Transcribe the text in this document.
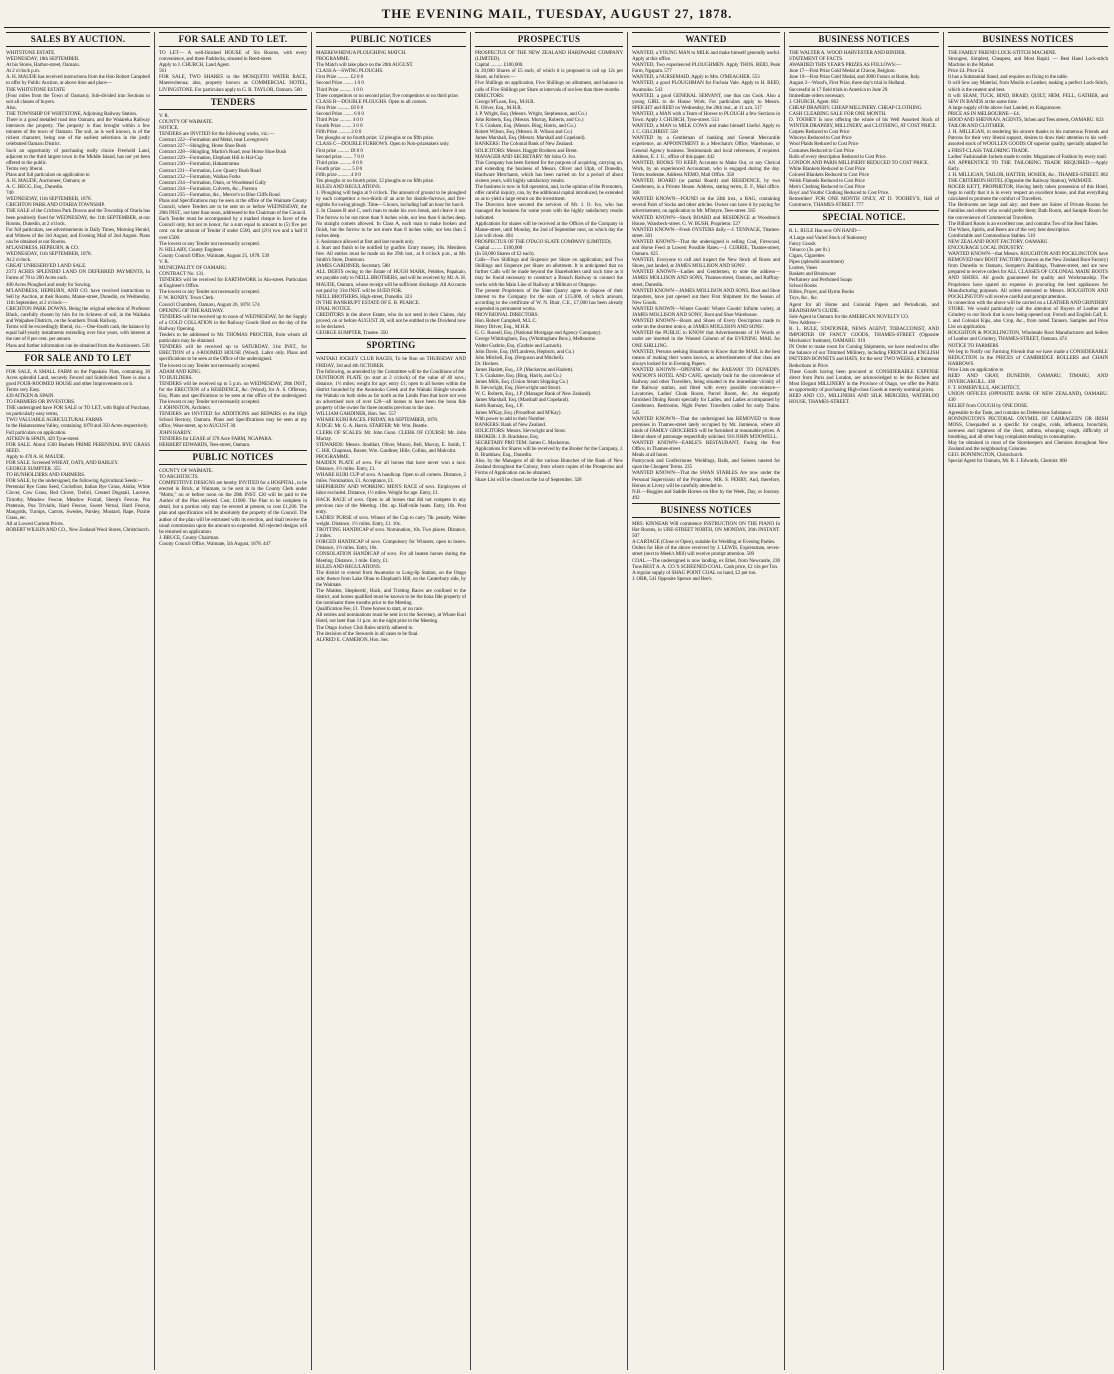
THE EVENING MAIL, TUESDAY, AUGUST 27, 1878.
SALES BY AUCTION.
WHITSTONE ESTATE.
WEDNESDAY, 18th SEPTEMBER.
At his Stores, Harbor-street, Oamaru.
At 2 o'clock p.m.
A. H. MAUDE has received instructions from the Hon Robert Campbell to offer by Public Auction, at above time and place—
THE WHITSTONE ESTATE
(Four miles from the Town of Oamaru), Sub-divided into Sections to suit all classes of buyers.
Also,
THE TOWNSHIP OF WHITSTONE, Adjoining Railway Station.
There is a good metalled road into Oamaru, and the Waiareka Railway intersects the property. The property is thus brought within a few minutes of the town of Oamaru. The soil, as is well known, is of the richest character, being one of the earliest selections in the justly celebrated Oamaru District.
Such an opportunity of purchasing really choice Freehold Land, adjacent to the third largest town in the Middle Island, has not yet been offered to the public.
Terms very liberal.
Plans and full particulars on application to
A. H. MAUDE, Auctioneer, Oamaru; or
A. C. BEGG, Esq., Dunedin.
740
WEDNESDAY, 11th SEPTEMBER, 1878.
CRICHTON PARK AND OTARIA TOWNSHIP.
THE SALE of the Crichton Park Downs and the Township of Otaria has been positively fixed for WEDNESDAY, the 11th SEPTEMBER, at our Rooms, Dunedin, at 2 o'clock.
For full particulars, see advertisements in Daily Times, Morning Herald, and Witness of the 3rd August, and Evening Mail of 2nd August. Plans can be obtained at our Rooms.
M'LANDRESS, HEPBURN, & CO.
WEDNESDAY, 11th SEPTEMBER, 1878.
At 2 o'clock.
GREAT UNRESERVED LAND SALE.
2373 ACRES SPLENDID LAND ON DEFERRED PAYMENTS, In Farms of 70 to 200 Acres each.
400 Acres Ploughed and ready for Sowing.
M'LANDRESS, HEPBURN, AND CO. have received instructions to Sell by Auction, at their Rooms, Manse-street, Dunedin, on Wednesday, 11th September, at 2 o'clock—
CRICHTON PARK DOWNS, Being the original selection of Professor Black, carefully chosen by him for its richness of soil, in the Waikaka and Waipahee Districts, on the Southern Trunk Railway.
Terms will be exceedingly liberal, viz.—One-fourth cash, the balance by equal half-yearly instalments extending over four years, with interest at the rate of 8 per cent. per annum.
Plans and further information can be obtained from the Auctioneers. 530
FOR SALE AND TO LET
FOR SALE, A SMALL FARM on the Papakaio Flats, containing 30 Acres splendid Land, securely Fenced and Subdivided. There is also a good FOUR-ROOMED HOUSE and other Improvements on it.
Terms very Easy.
439 AITKEN & SPAIN.
TO FARMERS OR INVESTORS.
THE undersigned have FOR SALE or TO LET, with Right of Purchase, on particularly easy terms,
TWO VALUABLE AGRICULTURAL FARMS
In the Hakateramea Valley, containing 1878 and 350 Acres respectively.
Full particulars on application.
AITKEN & SPAIN, 429 Tyne-street.
FOR SALE. About 1500 Bushels PRIME PERENNIAL RYE GRASS SEED.
Apply to 470 A. H. MAUDE.
FOR SALE. Screened WHEAT, OATS, AND BARLEY.
GEORGE SUMPTER. 355
TO RUNHOLDERS AND FARMERS.
FOR SALE, by the undersigned, the following Agricultural Seeds:—
Perennial Rye Grass Seed, Cocksfoot, Italian Rye Grass, Alsike, White Clover, Cow Grass, Red Clover, Trefoil, Crested Dogstail, Lucerne, Timothy, Meadow Fescue, Meadow Foxtail, Sheep's Fescue, Poa Pratensis, Poa Trivialis, Hard Fescue, Sweet Vernal, Hard Fescue, Mangolds, Turnips, Carrots, Swedes, Parsley, Mustard, Rape, Prairie Grass, etc.
All at Lowest Current Prices.
ROBERT WILKIN AND CO., New Zealand Wool Stores, Christchurch.
FOR SALE AND TO LET.
TO LET— A well-finished HOUSE of Six Rooms, with every convenience, and three Paddocks, situated in Reed-street.
Apply to J. CHURCH, Land Agent.
561
FOR SALE, TWO SHARES in the MOSQUITO WATER RACE, Maerewhenua; also, property known as COMMERCIAL HOTEL, LIVINGSTONE. For particulars apply to G. R. TAYLOR, Oamaru. 560
TENDERS
V. R.
COUNTY OF WAIMATE.
NOTICE.
TENDERS are INVITED for the following works, viz.:—
Contract 222—Formation and Metal, near Lovegrove's
Contract 227—Shingling, Horse Shoe Bush
Contract 228—Shingling, Martin's Road, near Horse Shoe Bush
Contract 229—Formation, Elephant Hill to Hal-Cup
Contract 230—Formation, Hakateramea
Contract 231—Formation, Low Quarry Bush Road
Contract 232—Formation, Waihao Forks
Contract 234—Formation, Otaio, or Woodstead Gully
Contract 234—Formation, Culverts, &c., Pareora
Contract 235—Formation, &c., Mercer's to Blue Cliffs Road.
Plans and Specifications may be seen at the office of the Waimate County Council, where Tenders are to be sent on or before WEDNESDAY, the 28th INST., not later than noon, addressed to the Chairman of the Council.
Each Tender must be accompanied by a marked cheque in favor of the Council only, but not to honor, for a sum equal to amount to (5) five per cent. on the amount of Tender if under £500, and (2½) two and a half if over £500.
The lowest or any Tender not necessarily accepted.
N. HILLARY, County Engineer.
County Council Office, Waimate, August 25, 1878. 539
V. R.
MUNICIPALITY OF OAMARU.
CONTRACT No. 131.
TENDERS will be received for EARTHWORK in Aln-street. Particulars at Engineer's Office.
The lowest or any Tender not necessarily accepted.
F. W. ROXBY, Town Clerk.
Council Chambers, Oamaru, August 26, 1878. 574
OPENING OF THE RAILWAY.
TENDERS will be received up to noon of WEDNESDAY, for the Supply of a COLD COLLATION in the Railway Goods Shed on the day of the Railway Opening.
Tenders to be addressed to Mr. THOMAS PROCTER, from whom all particulars may be obtained.
TENDERS will be received up to SATURDAY, 31st INST., for ERECTION of a 4-ROOMED HOUSE (Wood). Labor only. Plans and specifications to be seen at the Office of the undersigned.
The lowest or any Tender not necessarily accepted.
ADAM AND KING.
TO BUILDERS.
TENDERS will be received up to 5 p.m. on WEDNESDAY, 28th INST., for the ERECTION of a RESIDENCE, &c. (Wood), for A. S. Offerson, Esq. Plans and specifications to be seen at the office of the undersigned. The lowest or any Tender not necessarily accepted.
J. JOHNSTON, Architect.
TENDERS are INVITED for ADDITIONS and REPAIRS to the High School Rectory, Oamaru. Plans and Specifications may be seen at my office, Wear-street, up to AUGUST 30.
JOHN HARDY.
TENDERS for LEASE of 378 Acre FARM, NGAPARA.
HERBERT EDWARDS, Tees-street, Oamaru.
PUBLIC NOTICES
COUNTY OF WAIMATE.
TO ARCHITECTS.
COMPETITIVE DESIGNS are hereby INVITED for a HOSPITAL, to be erected in Brick, at Waimate, to be sent in to the County Clerk under "Motto," on or before noon on the 28th INST. £20 will be paid to the Author of the Plan selected. Cost, £1000. The Plan to be complete in detail, but a portion only may be erected at present, to cost £1,200. The plan and specification will be absolutely the property of the Council. The author of the plan will be entrusted with its erection, and shall receive the usual commission upon the amount so expended. All rejected designs will be returned on application.
J. BRUCE, County Chairman.
County Council Office, Waimate, 5th August, 1878. 447
PUBLIC NOTICES
MAEREWHENUA PLOUGHING MATCH.
PROGRAMME.
The Match will take place on the 20th AUGUST.
CLASS A—SWING PLOUGHS.
First Prize .......... £2 0 0
Second Prize ........ 1 0 0
Third Prize .......... 1 0 0
Three competitors or no second prize; five competitors or no third prize.
CLASS B—DOUBLE PLOUGHS. Open to all comers.
First Prize .......... £8 0 0
Second Prize ........ 6 0 0
Third Prize .......... 4 0 0
Fourth Prize ........ 3 0 0
Fifth Prize .......... 2 0 0
Ten ploughs or no fourth prize; 12 ploughs or no fifth prize.
CLASS C—DOUBLE FURROWS. Open to Non-prizetakers only.
First prize .......... £8 0 0
Second prize ........ 7 0 0
Third prize .......... 6 0 0
Fourth prize ........ 5 0 0
Fifth prize .......... 4 0 0
Ten ploughs or no fourth prize; 12 ploughs or no fifth prize.
RULES AND REGULATIONS.
1. Ploughing will begin at 9 o'clock. The amount of ground to be ploughed by each competitor a two-thirds of an acre for double-furrows, and five-eighths for swing plough. Time—5 hours, including half an hour for lunch.
2. In Classes B and C, each man to make his own break, and cleave it out. The furrow to be not more than 9 inches wide, nor less than 6 inches deep. No straight comers allowed. In Class A, each man to make broken and finish, but the furrow to be not more than 8 inches wide, nor less than 5 inches deep.
3. Assistance allowed at first and last rounds only.
4. Start and finish to be notified by gunfire. Entry money, 10s. Members free. All entries must be made on the 29th inst., at 8 o'clock p.m., at Mr. Smith's Store, Duntroon.
JAMES GARDINER, Secretary. 588
ALL DEBTS owing to the Estate of HUGH MARK, Pebbles, Papakaio, are payable only to NEILL BROTHERS, and will be received by Mr. A. H. MAUDE, Oamaru, whose receipt will be sufficient discharge. All Accounts not paid by 31st INST. will be SUED FOR.
NEILL BROTHERS, High-street, Dunedin. 323
IN THE BANKRUPT ESTATE OF E. B. PEARCE.
FINAL NOTICE.
CREDITORS in the above Estate, who do not send in their Claims, duly proved, on or before AUGUST 28, will not be entitled to the Dividend now to be declared.
GEORGE SUMPTER, Trustee. 350
SPORTING
WAITAKI JOCKEY CLUB RACES, To be Run on THURSDAY AND FRIDAY, 3rd and 4th OCTOBER.
The following, as amended by the Committee will be the Conditions of the
DUNTROON PLATE (to start at 2 o'clock) of the value of 40 sovs.; distance, 1½ miles; weight for age; entry £1; open to all horses within the district bounded by the Awamoko Creek and the Waitaki Shingle towards the Waitaki on both sides as far north as the Lindis Pass that have not won an advertised race of over £20—all horses to have been the bona fide property of the owner for three months previous to the race.
WILLIAM GARDINER, Hon. Sec. 557
WHARE KURI RACES. FRIDAY, 6th SEPTEMBER, 1878.
JUDGE: Mr. G. A. Harris. STARTER: Mr. Wm. Beattie.
CLERK OF SCALES: Mr. John Gunn. CLERK OF COURSE: Mr. John Murray.
STEWARDS: Messrs. Stoddart, Oliver, Munro, Bell, Murray, E. Smith, T. C. Hill, Chapman, Baxter, Wm. Gardiner, Hille, Collins, and Malcolm.
PROGRAMME.
MAIDEN PLATE of sovs. For all horses that have never won a race. Distance, 1½ miles. Entry, £1.
WHARE KURI CUP of sovs. A handicap. Open to all comers. Distance, 2 miles. Nomination, £1. Acceptance, £1.
SHEPHERDS' AND WORKING MEN'S RACE of sovs. Employees of labor excluded. Distance, 1½ miles. Weight for age. Entry, £1.
HACK RACE of sovs. Open to all horses that did not compete in any previous race of the Meeting. 10st. up. Half-mile heats. Entry, 10s. Post entry.
LADIES' PURSE of sovs. Winner of the Cup to carry 7lb. penalty. Welter weight. Distance, 1½ miles. Entry, £1. 10s.
TROTTING HANDICAP of sovs. Nomination, 10s. Two places. Distance, 2 miles.
FORCED HANDICAP of sovs. Compulsory for Winners; open to losers. Distance, 1½ miles. Entry, 10s.
CONSOLATION HANDICAP of sovs. For all beaten horses during the Meeting. Distance, 1 mile. Entry, £1.
RULES AND REGULATIONS.
The district to extend from Awamoko to Long-lip Station, on the Otago side; thence from Lake Ohau to Elephant's Hill, on the Canterbury side, by the Waimate.
The Maiden, Shepherds', Hack, and Trotting Races are confined to the district, and horses qualified must be known to be the bona fide property of the nominator three months prior to the Meeting.
Qualification Fee, £1. Three horses to start, or no race.
All entries and nominations must be sent in to the Secretary, at Whare Kuri Hotel, not later than 11 p.m. on the night prior to the Meeting.
The Otago Jockey Club Rules strictly adhered to.
The decision of the Stewards in all cases to be final.
ALFRED E. CAMERON, Hon. Sec.
PROSPECTUS
PROSPECTUS OF THE NEW ZEALAND HARDWARE COMPANY (LIMITED).
Capital .......... £100,000.
In 20,000 Shares of £5 each, of which it is proposed to call up 12s per Share, as follows:—
Five Shillings on application, Five Shillings on allotment, and balance in calls of Five Shillings per Share at intervals of not less than three months.
DIRECTORS:
George M'Lean, Esq., M.H.R.
R. Oliver, Esq., M.H.R.
J. P. Wright, Esq. (Messrs. Wright, Stephenson, and Co.)
John Roberts, Esq. (Messrs. Murray, Roberts, and Co.)
T. S. Graham, Esq. (Messrs. Bing, Harris, and Co.)
Robert Wilson, Esq. (Messrs. R. Wilson and Co.)
James Marshall, Esq. (Messrs. Marshall and Copeland).
BANKERS: The Colonial Bank of New Zealand.
SOLICITORS: Messrs. Haggitt Brothers and Brent.
MANAGER AND SECRETARY: Mr John O. Ivo.
This Company has been formed for the purpose of acquiring, carrying on, and extending the business of Messrs. Oliver and Ulph, of Dunedin, Hardware Merchants, which has been carried on for a period of about sixteen years, with highly satisfactory results.
The business is now in full operation, and, in the opinion of the Promoters, offer careful inquiry, can, by the additional capital introduced, be extended so as to yield a large return on the investment.
The Directors have secured the services of Mr. J. O. Ivo, who has managed the business for some years with the highly satisfactory results indicated.
Applications for shares will be received at the Offices of the Company in Manse-street, until Monday, the 2nd of September next, on which day the List will close. 494
PROSPECTUS OF THE OTAGO SLATE COMPANY (LIMITED).
Capital .......... £100,000
(In 50,000 Shares of £2 each).
Calls—Two Shillings and Sixpence per Share on application; and Two Shillings and Sixpence per Share on allotment. It is anticipated that no further Calls will be made beyond the Shareholders until such time as it may be found necessary to construct a Branch Railway to connect the works with the Main Line of Railway at Milburn or Otapopo.
The present Proprietors of the Slate Quarry agree to dispose of their interest to the Company for the sum of £15,000, of which amount, according to the certificate of W. N. Blair, C.E., £7,000 has been already expended in permanent works.
PROVISIONAL DIRECTORS:
Hon. Robert Campbell, M.L.C.
Henry Driver, Esq., M.H.R.
G. G. Russell, Esq. (National Mortgage and Agency Company).
George Whittingham, Esq. (Whittingham Bros.), Melbourne.
Walter Guthrie, Esq. (Guthrie and Larnach).
John Davie, Esq. (M'Landress, Hepburn, and Co.)
John Mitchell, Esq. (Ferguson and Mitchell).
Dr. Hocken.
James Hazlett, Esq., J.P. (Mackerras and Hazlett).
T. S. Grahame, Esq. (Bing, Harris, and Co.)
James Mills, Esq. (Union Steam Shipping Co.)
B. Sievwright, Esq. (Sievwright and Stout).
W. C. Roberts, Esq., J.P. (Manager Bank of New Zealand).
James Marshall, Esq. (Marshall and Copeland).
Keith Ramsay, Esq., J.P.
James M'Kay, Esq. (Proudfoot and M'Kay).
With power to add to their Number.
BANKERS: Bank of New Zealand.
SOLICITORS: Messrs. Sievwright and Stout.
BROKER: J. B. Bradshaw, Esq.
SECRETARY PRO TEM: James C. Mackerras.
Applications for Shares will be received by the Broker for the Company, J. B. Bradshaw, Esq., Dunedin.
Also, by the Managers of all the various Branches of the Bank of New Zealand throughout the Colony, from whom copies of the Prospectus and Forms of Application can be obtained.
Share List will be closed on the 1st of September. 328
WANTED
WANTED, a YOUNG MAN to MILK and make himself generally useful. Apply at this office.
WANTED, Two experienced PLOUGHMEN. Apply THOS. REID, Peak Farm, Ngapara. 577
WANTED, a NURSEMAID. Apply to Mrs. O'MEAGHER. 553
WANTED, a good PLOUGHMAN for Fuchsia Vale. Apply to H. REID, Awamoko. 543
WANTED, a good GENERAL SERVANT, one that can Cook. Also a young GIRL to do House Work. For particulars apply to Messrs. SPEIGHT and REID on Wednesday, the 28th inst., at 11 a.m. 517
WANTED, a MAN with a Team of Horses to PLOUGH a few Sections in Town. Apply J. CHURCH, Tyne-street. 513
WANTED, a MAN to MILK COWS and make himself Useful. Apply to J. C. GILCHRIST. 558
WANTED by a Gentleman of banking and General Mercantile experience, an APPOINTMENT in a Merchant's Office, Warehouse, or General Agency business. Testimonials and local references, if required. Address, E. J. U., office of this paper. 442
WANTED, BOOKS TO KEEP, Accounts to Make Out, or any Clerical Work, by an experienced Accountant, who is engaged during the day. Terms moderate. Address NEMO, Mail Office. 358
WANTED, BOARD (or partial Board) and RESIDENCE, by two Gentlemen, in a Private House. Address, stating terms, E. F., Mail office. 368
WANTED KNOWN—FOUND on the 24th inst., a BAG, containing several Pairs of Socks and other articles. Owner can have it by paying for advertisement, on application to Mr. M'Intyre, Tees-street. 565
WANTED KNOWN—Stock BOARD and RESIDENCE at Woodstock House, Wansbeck-street. G. W. BUSH, Proprietor. 527
WANTED KNOWN—Fresh OYSTERS daily.—J. TENNAGE, Thames-street. 501
WANTED KNOWN—That the undersigned is selling Coal, Firewood, and Horse Feed at Lowest Possible Rates.—J. CURRIE, Thames-street, Oamaru. 625
WANTED, Everyone to call and inspect the New Stock of Boots and Shoes, just landed, at JAMES MOLLISON AND SONS'.
WANTED KNOWN—Ladies and Gentlemen, to note the address—JAMES MOLLISON AND SONS, Thames-street, Oamaru, and Raffray-street, Dunedin.
WANTED KNOWN—JAMES MOLLISON AND SONS, Boot and Shoe Importers, have just opened out their First Shipment for the Season of New Goods.
WANTED KNOWN—Winter Goods! Winter Goods! Infinite variety, at JAMES MOLLISON AND SONS', Boot and Shoe Warehouse.
WANTED KNOWN—Boots and Shoes of Every Description made to order on the shortest notice, at JAMES MOLLISON AND SONS'.
WANTED the PUBLIC to KNOW that Advertisements of 16 Words or under are inserted in the Wanted Column of the EVENING MAIL for ONE SHILLING.
WANTED, Persons seeking Situations to Know that the MAIL is the best means of making their wants known, as advertisements of that class are always looked for in Evening Papers.
WANTED KNOWN—OPENING of the RAILWAY TO DUNEDIN. WATSON'S HOTEL AND CAFE, specially built for the convenience of Railway and other Travellers, being situated in the immediate vicinity of the Railway station, and fitted with every possible convenience—Lavatories, Ladies' Cloak Room, Parcel Room, &c. An elegantly furnished Dining Room specially for Ladies, and Ladies accompanied by Gentlemen. Bedrooms. Night Porter. Travellers called for early Trains. 545
WANTED KNOWN—That the undersigned has REMOVED to those premises in Thames-street lately occupied by Mr. Jamieson, where all kinds of FAMILY GROCERIES will be furnished at reasonable prices. A liberal share of patronage respectfully solicited. 916 JOHN M'DOWELL.
WANTED KNOWN—EARLE'S RESTAURANT, Facing the Post Office, in Thames-street.
Meals at all hours.
Pastrycook and Confectioner. Weddings, Balls, and Soirees catered for upon the Cheapest Terms. 235
WANTED KNOWN—That the SWAN STABLES Are now under the Personal Supervision of the Proprietor, MR. S. PERRY, And, therefore, Horses at Livery will be carefully attended to.
N.B.—Buggies and Saddle Horses on Hire by the Week, Day, or Journey. 492
BUSINESS NOTICES
MRS. KINNEAR Will commence INSTRUCTION ON THE PIANO In Her Rooms, in URE-STREET NORTH, ON MONDAY, 26th INSTANT. 507
A CARTAGE (Close or Open), suitable for Wedding or Evening Parties.
Orders for Hire of the above received by J. LEWIS, Expressman, seven-street (next to Meek's Mill) will receive prompt attention. 509
COAL.—The undersigned is now landing, ex Ethel, from Newcastle, 230 Tons BEST A. A. CO.'S SCREENED COAL. Cash price, £2 14s per Ton.
A regular supply of SHAG POINT COAL on hand, £2 per ton.
J. ORR, 541 Opposite Spence and Bee's.
BUSINESS NOTICES
THE WALTER A. WOOD HARVESTER AND BINDER.
STATEMENT OF FACTS.
AWARDED THIS YEAR'S PRIZES AS FOLLOWS:—
June 17—First Prize Gold Medal at Chicoe, Belgium.
June 19—First Prize Gold Medal, and 3000 Francs at Rome, Italy.
August 2—Wood's, First Prize, three day's trial in Holland.
Successful in 17 field trials in America to June 29.
Immediate orders necessary.
J. CHURCH, Agent. 862
CHEAP DRAPERY. CHEAP MILLINERY. CHEAP CLOTHING.
CASH CLEARING SALE FOR ONE MONTH.
D. TOOHEY Is now offering the whole of his Well Assorted Stock of WINTER DRAPERY, MILLINERY, and CLOTHING, AT COST PRICE.
Carpets Reduced to Cost Price
Winceys Reduced to Cost Price
Wool Plaids Reduced to Cost Price
Costumes Reduced to Cost Price
Rolls of every description Reduced to Cost Price.
LONDON AND PARIS MILLINERY REDUCED TO COST PRICE.
White Blankets Reduced to Cost Price
Colored Blankets Reduced to Cost Price
Welsh Flannels Reduced to Cost Price
Men's Clothing Reduced to Cost Price
Boys' and Youths' Clothing Reduced to Cost Price.
Remember! FOR ONE MONTH ONLY, AT D. TOOHEY'S, Hall of Commerce, THAMES-STREET. 777
SPECIAL NOTICE.
R. L. RULE Has now ON HAND—
A Large and Varied Stock of Stationery
Fancy Goods
Tobacco (3s. per lb.)
Cigars, Cigarettes
Pipes (splendid assortment)
Lustres, Vases
Baskets and Brushware
Perfumery and Perfumed Soaps
School Books
Bibles, Prayer, and Hymn Books
Toys, &c., &c.
Agent for all Home and Colonial Papers and Periodicals, and BRADSHAW'S GUIDE.
Sole Agent in Oamaru for the AMERICAN NOVELTY CO.
New Address—
R. L. RULE, STATIONER, NEWS AGENT, TOBACCONIST, AND IMPORTER OF FANCY GOODS, THAMES-STREET (Opposite Mechanics' Institute), OAMARU. 919
IN Order to make room for Coming Shipments, we have resolved to offer the balance of our Trimmed Millinery, including FRENCH and ENGLISH PATTERN BONNETS and HATS, for the next TWO WEEKS, at Immense Reductions in Price.
These Goods having been procured at CONSIDERABLE EXPENSE direct from Paris and London, are acknowledged to be the Richest and Most Elegant MILLINERY in the Province of Otago, we offer the Public an opportunity of purchasing High-class Goods at merely nominal prices.
REID AND CO., MILLINERS AND SILK MERCERS, WATERLOO HOUSE, THAMES-STREET.
BUSINESS NOTICES
THE FAMILY FRIEND LOCK-STITCH MACHINE.
Strongest, Simplest, Cheapest, and Most Rapid. — Best Hand Lock-stitch Machine in the Market.
Price £4. Price £4.
It has a Substantial Stand, and requires no fixing to the table.
It will Sew any Material, from Muslin to Leather, making a perfect Lock-Stitch, which is the neatest and best.
It will SEAM, TUCK, BIND, BRAID, QUILT, HEM, FELL, GATHER, and SEW IN BANDS at the same time.
A large supply of the above Just Landed, ex Kingsmoore.
PRICE AS IN MELBOURNE—£4.
HOOD AND SHENNAN, AGENTS, Itchen and Tees streets, OAMARU. 823
TAILOR AND CLOTHIER.
J. H. MILLIGAN, in tendering his sincere thanks to his numerous Friends and Patrons for their very liberal support, desires to draw their attention to his well-assorted stock of WOOLLEN GOODS Of superior quality, specially adapted for a FIRST-CLASS TAILORING TRADE.
Ladies' Fashionable Jackets made to order. Magazines of Fashion by every mail.
AN APPRENTICE TO THE TAILORING TRADE REQUIRED.—Apply Early.
J. H. MILLIGAN, TAILOR, HATTER, HOSIER, &c., THAMES-STREET. 882
THE CRITERION HOTEL (Opposite the Railway Station), WAIMATE.
ROGER KETT, PROPRIETOR, Having lately taken possession of this Hotel, begs to notify that it is in every respect an excellent house, and that everything calculated to promote the comfort of Travellers.
The Bedrooms are large and airy; and there are Suites of Private Rooms for Families and others who would prefer them; Bath Room, and Sample Room for the convenience of Commercial Travellers.
The Billiard Room is an excellent one, and contains Two of the Best Tables.
The Wines, Spirits, and Beers are of the very best description.
Comfortable and Commodious Stables. 510
NEW ZEALAND BOOT FACTORY, OAMARU.
ENCOURAGE LOCAL INDUSTRY.
WANTED KNOWN—that Messrs. ROUGHTON AND POCKLINGTON have REMOVED their BOOT FACTORY (known as the New Zealand Boot Factory) from Dunedin to Oamaru, Sumpter's Buildings, Thames-street, and are now prepared to receive orders for ALL CLASSES OF COLONIAL MADE BOOTS AND SHOES. All goods guaranteed for quality and Workmanship. The Proprietors have spared no expense in procuring the best appliances for Manufacturing purposes. All orders entrusted to Messrs. ROUGHTON AND POCKLINGTON will receive careful and prompt attention.
In connection with the above will be carried on a LEATHER AND GRINDERY STORE. We would particularly call the attention of Buyers of Leather and Grindery to our Stock that is now being opened out. French and English Calf, E. I. and Colonial Kips, also Crop, &c., from noted Tanners. Samples and Price List on application.
ROUGHTON & POCKLINGTON, Wholesale Boot Manufacturers and Sellers of Leather and Grindery, THAMES-STREET, Oamaru. 474
NOTICE TO FARMERS
We beg to Notify our Farming Friends that we have made a CONSIDERABLE REDUCTION in the PRICES of CAMBRIDGE ROLLERS and CHAIN HARROWS.
Price Lists on application to
REID AND GRAY, DUNEDIN, OAMARU, TIMARU, AND INVERCARGILL. 438
F. T. SOMERVILLE, ARCHITECT,
UNION OFFICES (OPPOSITE BANK OF NEW ZEALAND), OAMARU. 430
RELIEF from COUGH by ONE DOSE.
Agreeable to the Taste, and contains no Deleterious Substance.
BONNINGTON'S PECTORAL OXYMEL OF CARRAGEEN OR IRISH MOSS, Unequalled as a specific for coughs, colds, influenza, bronchitis, soreness and tightness of the chest, asthma, whooping cough, difficulty of breathing, and all other lung complaints tending to consumption.
May be obtained in most of the Storekeepers and Chemists throughout New Zealand and the neighbouring Colonies.
GEO. BONNINGTON, Christchurch.
Special Agent for Oamaru, Mr. R. J. Edwards, Chemist. 860
